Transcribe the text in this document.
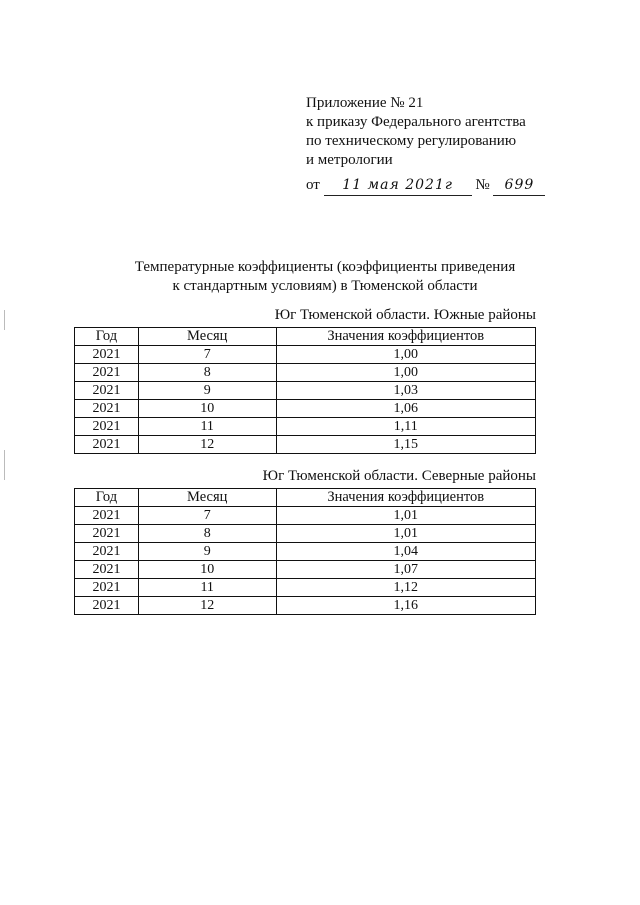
Приложение № 21
к приказу Федерального агентства
по техническому регулированию
и метрологии
от 11 мая 2021г № 699
Температурные коэффициенты (коэффициенты приведения
к стандартным условиям) в Тюменской области
Юг Тюменской области. Южные районы
Год	Месяц	Значения коэффициентов
2021	7	1,00
2021	8	1,00
2021	9	1,03
2021	10	1,06
2021	11	1,11
2021	12	1,15
Юг Тюменской области. Северные районы
Год	Месяц	Значения коэффициентов
2021	7	1,01
2021	8	1,01
2021	9	1,04
2021	10	1,07
2021	11	1,12
2021	12	1,16
